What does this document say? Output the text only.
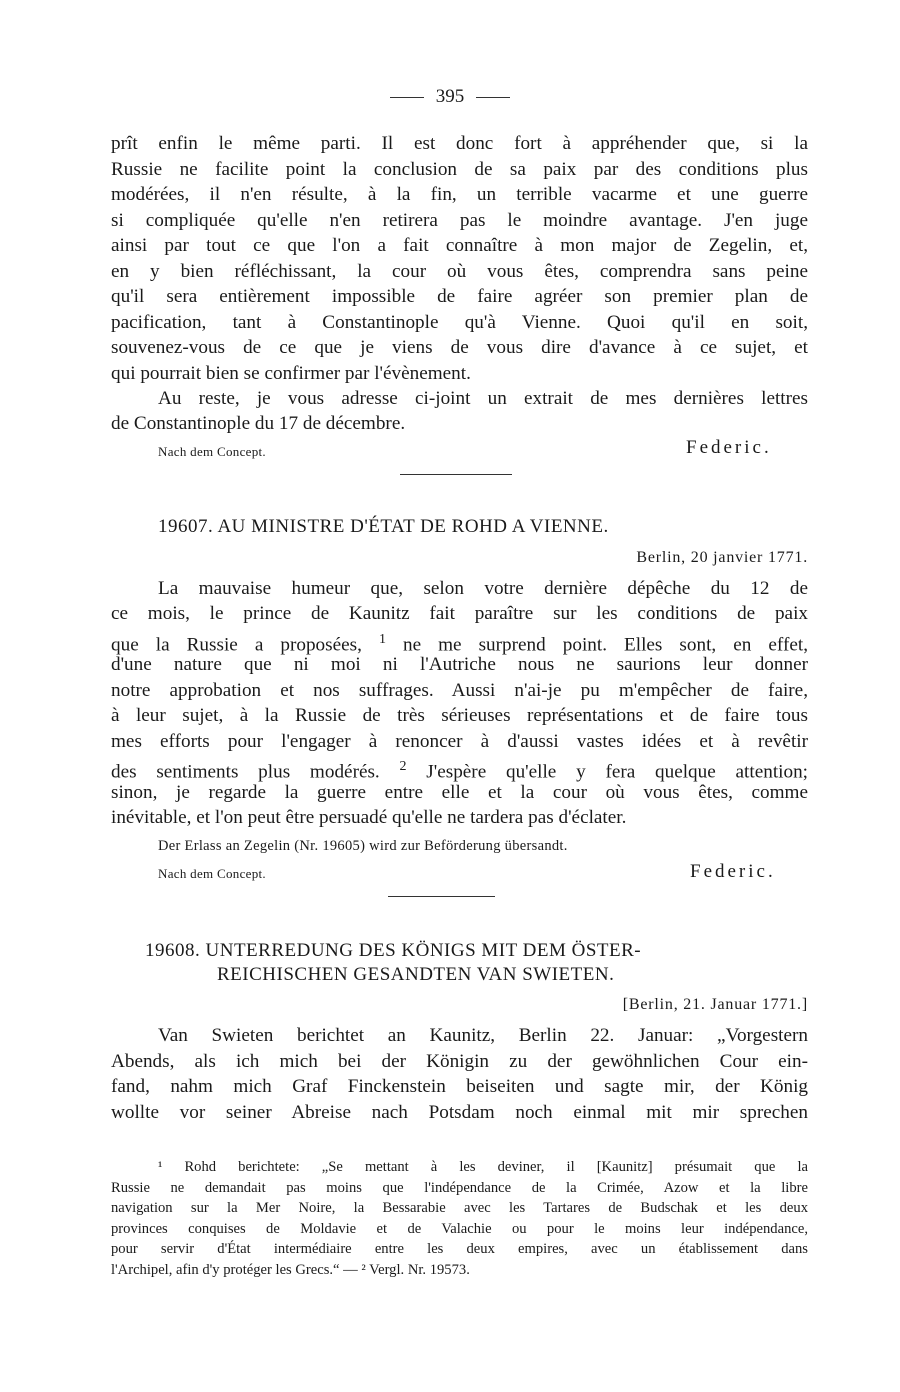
395
prît enfin le même parti. Il est donc fort à appréhender que, si la
Russie ne facilite point la conclusion de sa paix par des conditions plus
modérées, il n'en résulte, à la fin, un terrible vacarme et une guerre
si compliquée qu'elle n'en retirera pas le moindre avantage. J'en juge
ainsi par tout ce que l'on a fait connaître à mon major de Zegelin, et,
en y bien réfléchissant, la cour où vous êtes, comprendra sans peine
qu'il sera entièrement impossible de faire agréer son premier plan de
pacification, tant à Constantinople qu'à Vienne. Quoi qu'il en soit,
souvenez-vous de ce que je viens de vous dire d'avance à ce sujet, et
qui pourrait bien se confirmer par l'évènement.
Au reste, je vous adresse ci-joint un extrait de mes dernières lettres
de Constantinople du 17 de décembre.
Nach dem Concept.	Federic.
19607. AU MINISTRE D'ÉTAT DE ROHD A VIENNE.
Berlin, 20 janvier 1771.
La mauvaise humeur que, selon votre dernière dépêche du 12 de
ce mois, le prince de Kaunitz fait paraître sur les conditions de paix
que la Russie a proposées, $^1$ ne me surprend point. Elles sont, en effet,
d'une nature que ni moi ni l'Autriche nous ne saurions leur donner
notre approbation et nos suffrages. Aussi n'ai-je pu m'empêcher de faire,
à leur sujet, à la Russie de très sérieuses représentations et de faire tous
mes efforts pour l'engager à renoncer à d'aussi vastes idées et à revêtir
des sentiments plus modérés. $^2$ J'espère qu'elle y fera quelque attention;
sinon, je regarde la guerre entre elle et la cour où vous êtes, comme
inévitable, et l'on peut être persuadé qu'elle ne tardera pas d'éclater.
Der Erlass an Zegelin (Nr. 19605) wird zur Beförderung übersandt.
Nach dem Concept.	Federic.
19608. UNTERREDUNG DES KÖNIGS MIT DEM ÖSTER-
REICHISCHEN GESANDTEN VAN SWIETEN.
[Berlin, 21. Januar 1771.]
Van Swieten berichtet an Kaunitz, Berlin 22. Januar: „Vorgestern
Abends, als ich mich bei der Königin zu der gewöhnlichen Cour ein-
fand, nahm mich Graf Finckenstein beiseiten und sagte mir, der König
wollte vor seiner Abreise nach Potsdam noch einmal mit mir sprechen
¹ Rohd berichtete: „Se mettant à les deviner, il [Kaunitz] présumait que la
Russie ne demandait pas moins que l'indépendance de la Crimée, Azow et la libre
navigation sur la Mer Noire, la Bessarabie avec les Tartares de Budschak et les deux
provinces conquises de Moldavie et de Valachie ou pour le moins leur indépendance,
pour servir d'État intermédiaire entre les deux empires, avec un établissement dans
l'Archipel, afin d'y protéger les Grecs.“ — ² Vergl. Nr. 19573.
